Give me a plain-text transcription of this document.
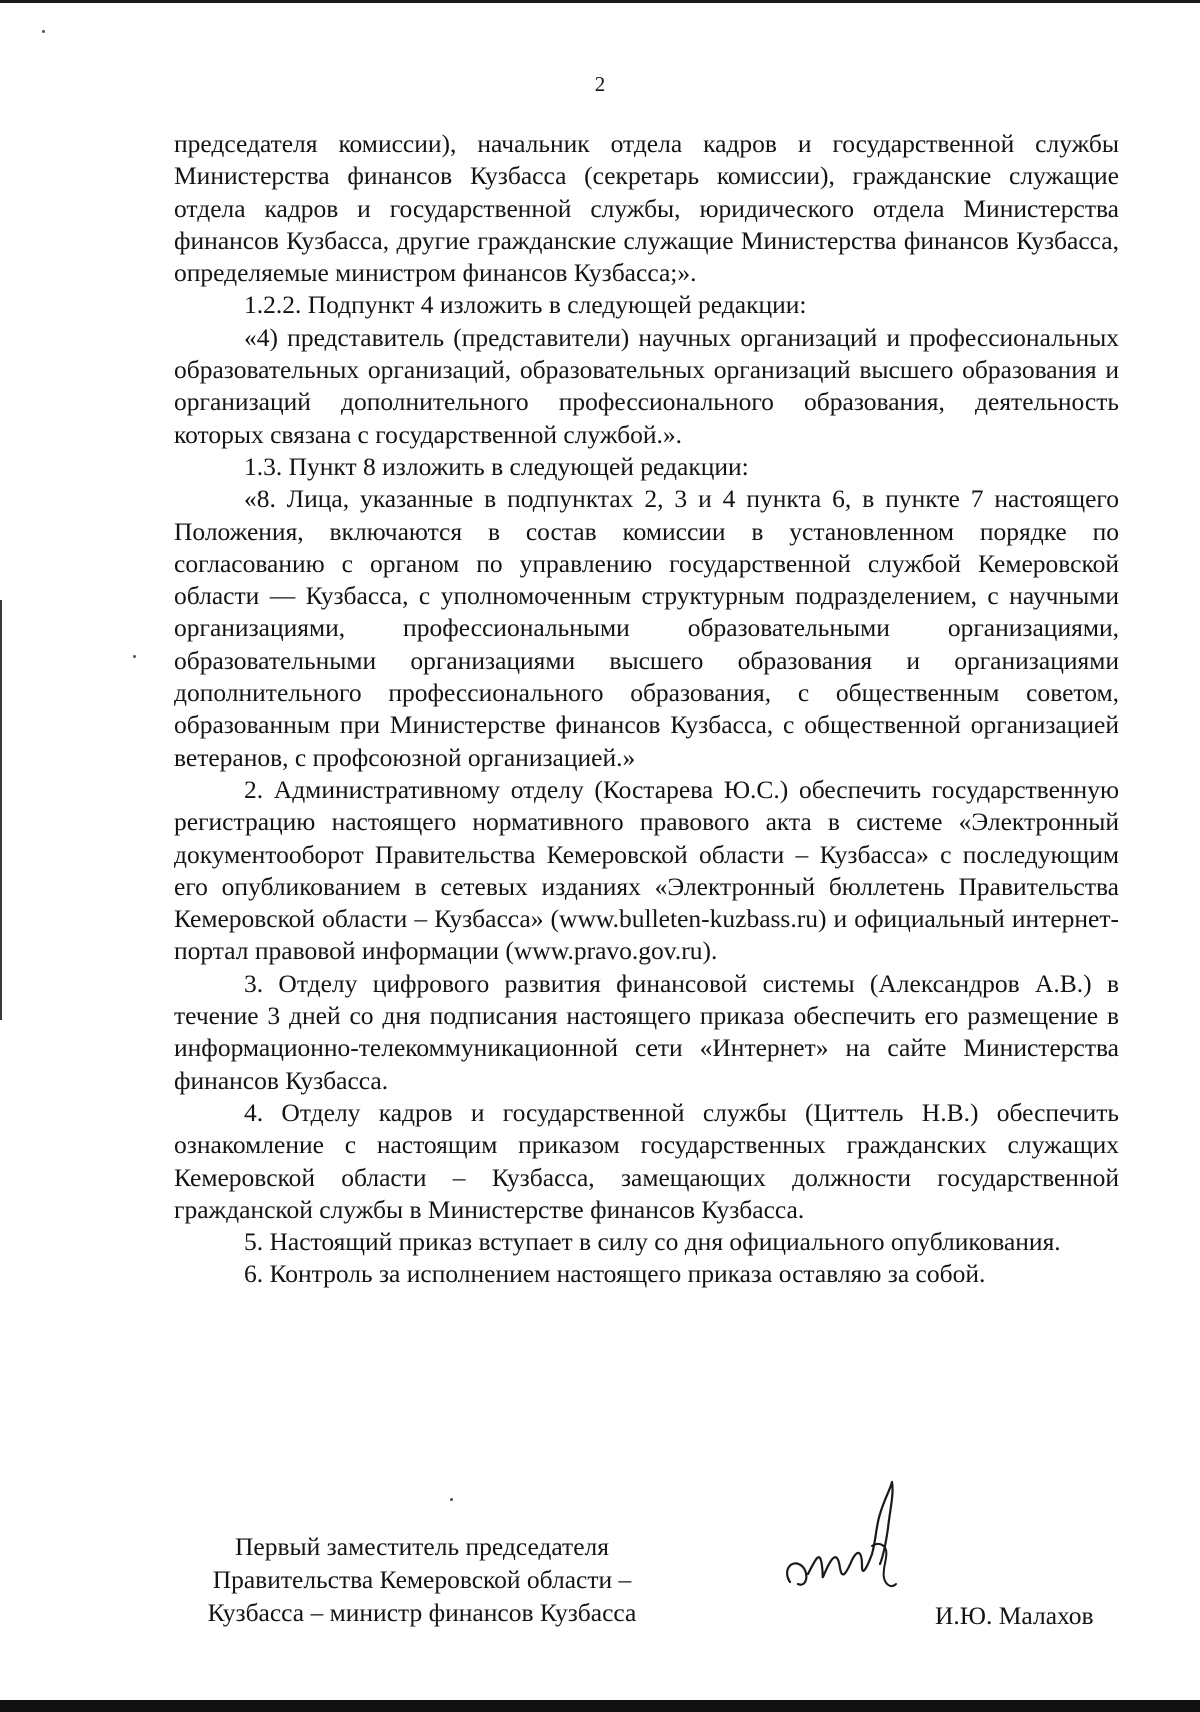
2

председателя комиссии), начальник отдела кадров и государственной службы Министерства финансов Кузбасса (секретарь комиссии), гражданские служащие отдела кадров и государственной службы, юридического отдела Министерства финансов Кузбасса, другие гражданские служащие Министерства финансов Кузбасса, определяемые министром финансов Кузбасса;».

1.2.2. Подпункт 4 изложить в следующей редакции:

«4) представитель (представители) научных организаций и профессиональных образовательных организаций, образовательных организаций высшего образования и организаций дополнительного профессионального образования, деятельность которых связана с государственной службой.».

1.3. Пункт 8 изложить в следующей редакции:

«8. Лица, указанные в подпунктах 2, 3 и 4 пункта 6, в пункте 7 настоящего Положения, включаются в состав комиссии в установленном порядке по согласованию с органом по управлению государственной службой Кемеровской области — Кузбасса, с уполномоченным структурным подразделением, с научными организациями, профессиональными образовательными организациями, образовательными организациями высшего образования и организациями дополнительного профессионального образования, с общественным советом, образованным при Министерстве финансов Кузбасса, с общественной организацией ветеранов, с профсоюзной организацией.»

2. Административному отделу (Костарева Ю.С.) обеспечить государственную регистрацию настоящего нормативного правового акта в системе «Электронный документооборот Правительства Кемеровской области – Кузбасса» с последующим его опубликованием в сетевых изданиях «Электронный бюллетень Правительства Кемеровской области – Кузбасса» (www.bulleten-kuzbass.ru) и официальный интернет-портал правовой информации (www.pravo.gov.ru).

3. Отделу цифрового развития финансовой системы (Александров А.В.) в течение 3 дней со дня подписания настоящего приказа обеспечить его размещение в информационно-телекоммуникационной сети «Интернет» на сайте Министерства финансов Кузбасса.

4. Отделу кадров и государственной службы (Циттель Н.В.) обеспечить ознакомление с настоящим приказом государственных гражданских служащих Кемеровской области – Кузбасса, замещающих должности государственной гражданской службы в Министерстве финансов Кузбасса.

5. Настоящий приказ вступает в силу со дня официального опубликования.

6. Контроль за исполнением настоящего приказа оставляю за собой.

Первый заместитель председателя
Правительства Кемеровской области –
Кузбасса – министр финансов Кузбасса	И.Ю. Малахов
